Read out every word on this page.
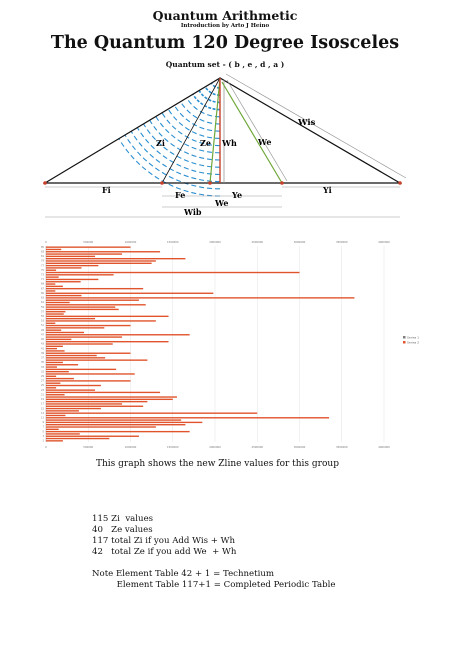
Quantum Arithmetic
Introduction by Arto J Heino
The Quantum 120 Degree Isosceles
Quantum set - ( b , e , d , a )
Wis
Zi	Ze Wh	We
Fi	Fe	Ye	Yi
We
Wib
0
0
500000
500000
1000000
1000000
1500000
1500000
2000000
2000000
2500000
2500000
3000000
3000000
3500000
3500000
4000000
4000000
85
83
81
79
77
75
73
71
69
67
65
63
61
59
57
55
53
51
49
47
45
43
41
39
37
35
33
31
29
27
25
23
21
19
17
15
13
11
9
7
5
3
1
Series 1
Series 2
This graph shows the new Zline values for this group
115 Zi  values
40   Ze values
117 total Zi if you Add Wis + Wh
42   total Ze if you add We  + Wh

Note Element Table 42 + 1 = Technetium
Element Table 117+1 = Completed Periodic Table
